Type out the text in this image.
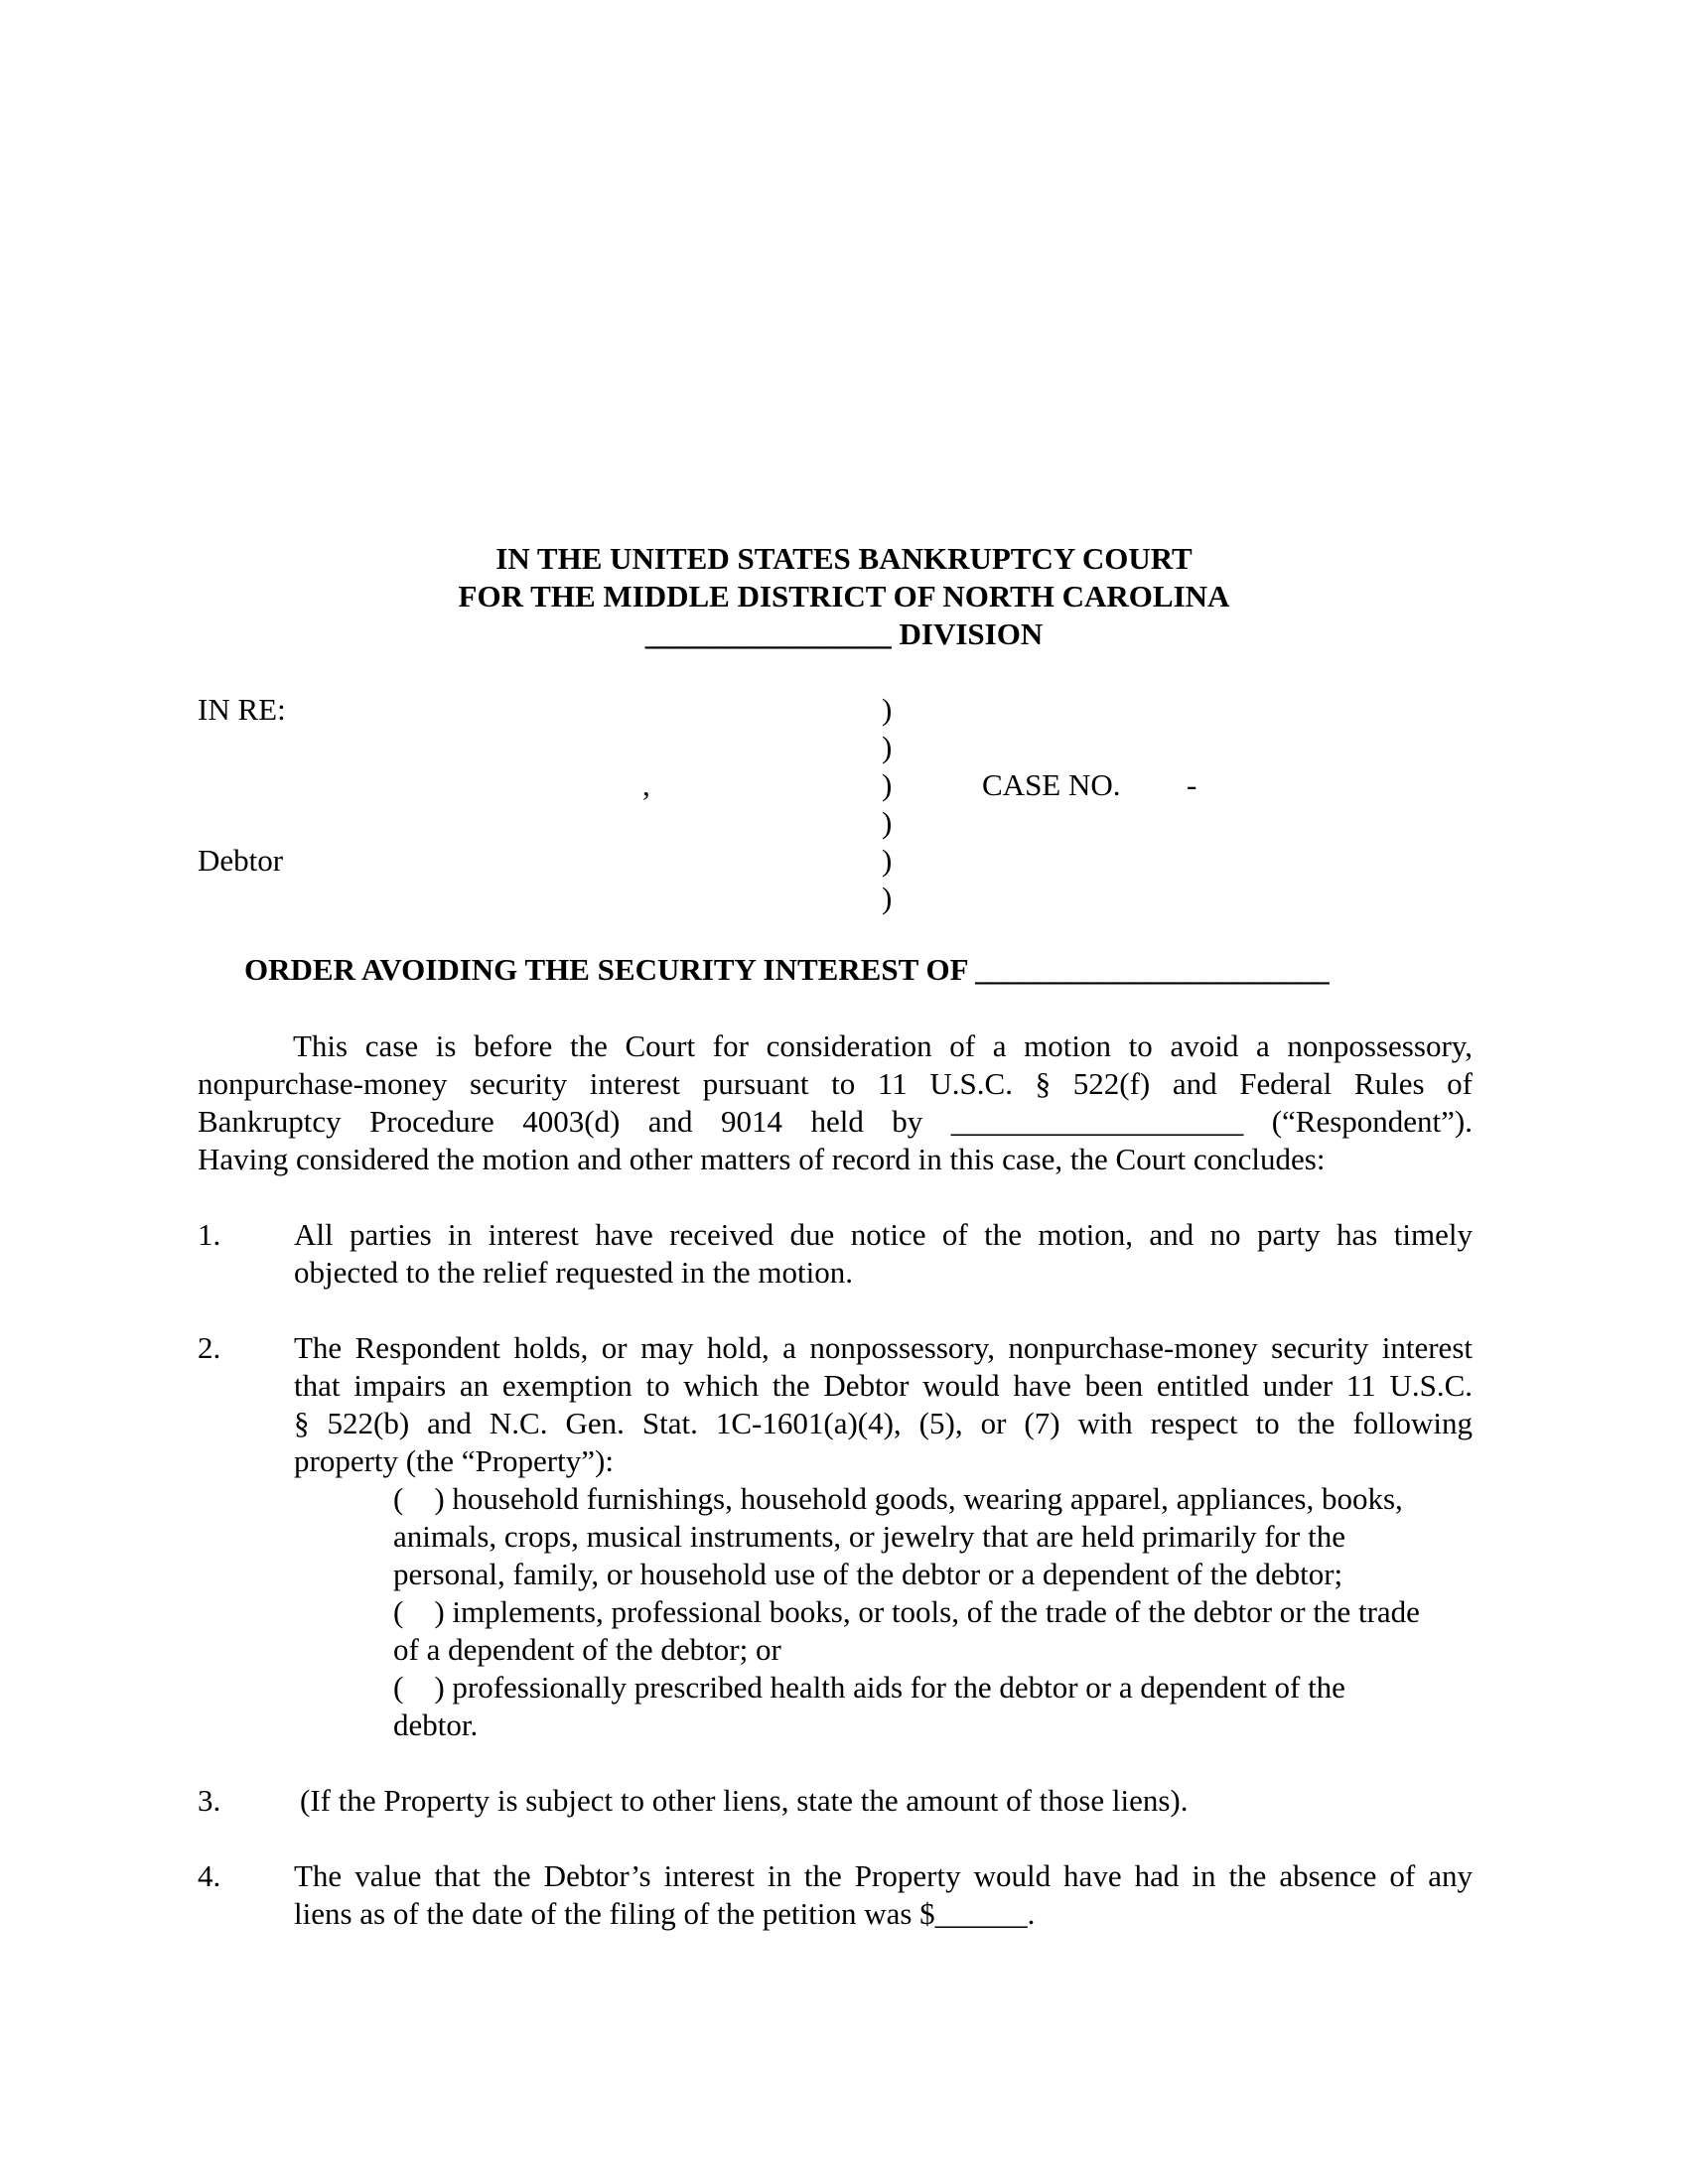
IN THE UNITED STATES BANKRUPTCY COURT
FOR THE MIDDLE DISTRICT OF NORTH CAROLINA
________________ DIVISION
IN RE:
,
Debtor
)
)
)
)
)
)
CASE NO. -
ORDER AVOIDING THE SECURITY INTEREST OF _______________________
This case is before the Court for consideration of a motion to avoid a nonpossessory,
nonpurchase-money security interest pursuant to 11 U.S.C. § 522(f) and Federal Rules of
Bankruptcy Procedure 4003(d) and 9014 held by ___________________ (“Respondent”).
Having considered the motion and other matters of record in this case, the Court concludes:
1. All parties in interest have received due notice of the motion, and no party has timely
objected to the relief requested in the motion.
2. The Respondent holds, or may hold, a nonpossessory, nonpurchase-money security interest
that impairs an exemption to which the Debtor would have been entitled under 11 U.S.C.
§ 522(b) and N.C. Gen. Stat. 1C-1601(a)(4), (5), or (7) with respect to the following
property (the “Property”):
(    ) household furnishings, household goods, wearing apparel, appliances, books,
animals, crops, musical instruments, or jewelry that are held primarily for the
personal, family, or household use of the debtor or a dependent of the debtor;
(    ) implements, professional books, or tools, of the trade of the debtor or the trade
of a dependent of the debtor; or
(    ) professionally prescribed health aids for the debtor or a dependent of the
debtor.
3.	(If the Property is subject to other liens, state the amount of those liens).
4. The value that the Debtor’s interest in the Property would have had in the absence of any
liens as of the date of the filing of the petition was $______.
